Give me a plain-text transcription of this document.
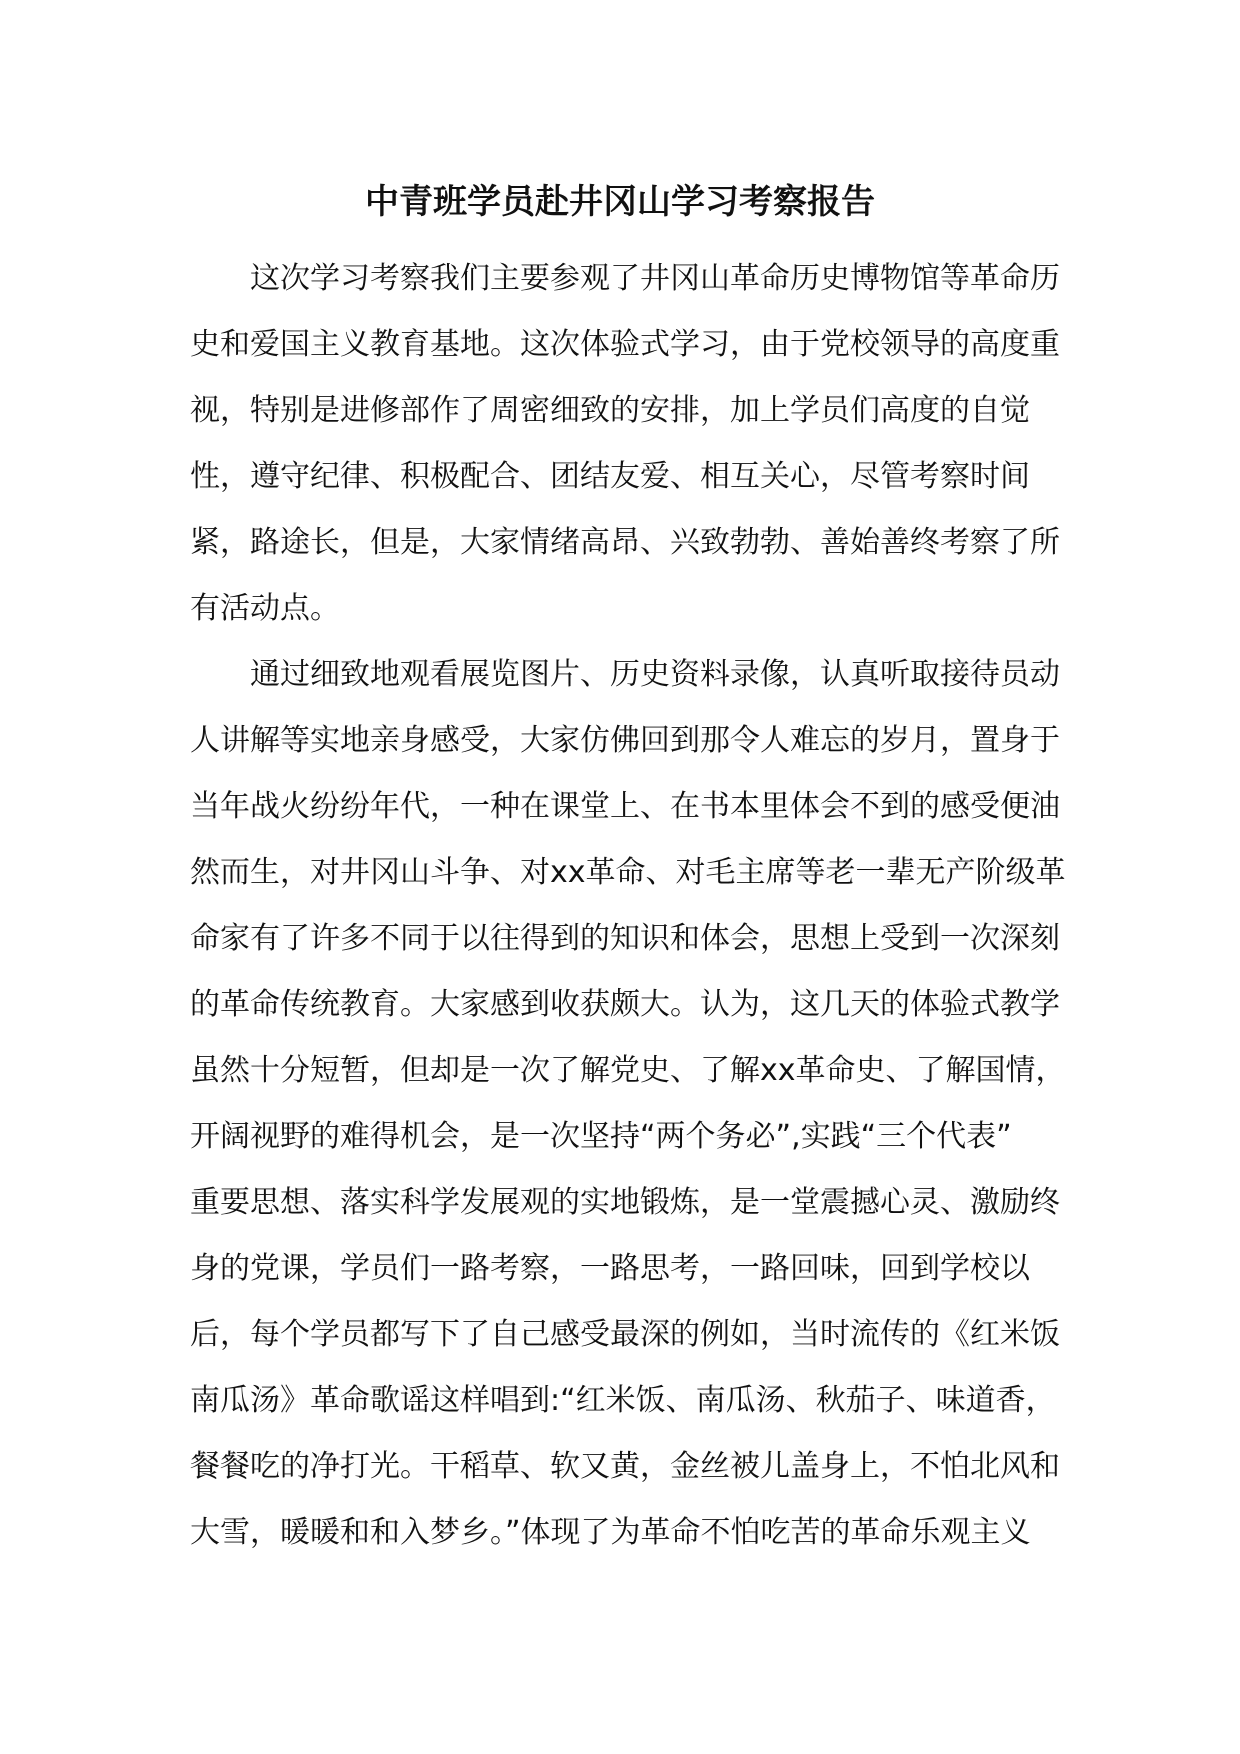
中青班学员赴井冈山学习考察报告

这次学习考察我们主要参观了井冈山革命历史博物馆等革命历
史和爱国主义教育基地。这次体验式学习，由于党校领导的高度重
视，特别是进修部作了周密细致的安排，加上学员们高度的自觉
性，遵守纪律、积极配合、团结友爱、相互关心，尽管考察时间
紧，路途长，但是，大家情绪高昂、兴致勃勃、善始善终考察了所
有活动点。

通过细致地观看展览图片、历史资料录像，认真听取接待员动
人讲解等实地亲身感受，大家仿佛回到那令人难忘的岁月，置身于
当年战火纷纷年代，一种在课堂上、在书本里体会不到的感受便油
然而生，对井冈山斗争、对xx革命、对毛主席等老一辈无产阶级革
命家有了许多不同于以往得到的知识和体会，思想上受到一次深刻
的革命传统教育。大家感到收获颇大。认为，这几天的体验式教学
虽然十分短暂，但却是一次了解党史、了解xx革命史、了解国情，
开阔视野的难得机会，是一次坚持“两个务必”,实践“三个代表”
重要思想、落实科学发展观的实地锻炼，是一堂震撼心灵、激励终
身的党课，学员们一路考察，一路思考，一路回味，回到学校以
后，每个学员都写下了自己感受最深的例如，当时流传的《红米饭
南瓜汤》革命歌谣这样唱到:“红米饭、南瓜汤、秋茄子、味道香，
餐餐吃的净打光。干稻草、软又黄，金丝被儿盖身上，不怕北风和
大雪，暖暖和和入梦乡。”体现了为革命不怕吃苦的革命乐观主义
